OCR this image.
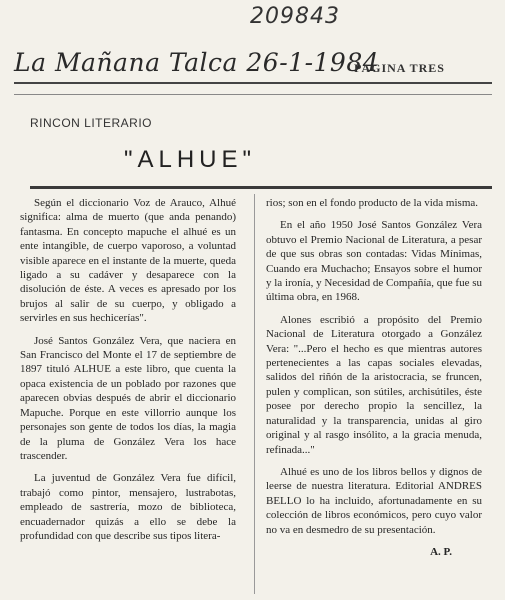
209843
La Mañana Talca 26-1-1984
PAGINA TRES
RINCON LITERARIO
"ALHUE"

Según el diccionario Voz de Arauco, Alhué significa: alma de muerto (que anda penando) fantasma. En concepto mapuche el alhué es un ente intangible, de cuerpo vaporoso, a voluntad visible aparece en el instante de la muerte, queda ligado a su cadáver y desaparece con la disolución de éste. A veces es apresado por los brujos al salir de su cuerpo, y obligado a servirles en sus hechicerías".

José Santos González Vera, que naciera en San Francisco del Monte el 17 de septiembre de 1897 tituló ALHUE a este libro, que cuenta la opaca existencia de un poblado por razones que aparecen obvias después de abrir el diccionario Mapuche. Porque en este villorrio aunque los personajes son gente de todos los días, la magia de la pluma de González Vera los hace trascender.

La juventud de González Vera fue difícil, trabajó como pintor, mensajero, lustrabotas, empleado de sastrería, mozo de biblioteca, encuadernador quizás a ello se debe la profundidad con que describe sus tipos litera-

rios; son en el fondo producto de la vida misma.

En el año 1950 José Santos González Vera obtuvo el Premio Nacional de Literatura, a pesar de que sus obras son contadas: Vidas Mínimas, Cuando era Muchacho; Ensayos sobre el humor y la ironía, y Necesidad de Compañía, que fue su última obra, en 1968.

Alones escribió a propósito del Premio Nacional de Literatura otorgado a González Vera: "...Pero el hecho es que mientras autores pertenecientes a las capas sociales elevadas, salidos del riñón de la aristocracia, se fruncen, pulen y complican, son sútiles, archisútiles, éste posee por derecho propio la sencillez, la naturalidad y la transparencia, unidas al giro original y al rasgo insólito, a la gracia menuda, refinada..."

Alhué es uno de los libros bellos y dignos de leerse de nuestra literatura. Editorial ANDRES BELLO lo ha incluido, afortunadamente en su colección de libros económicos, pero cuyo valor no va en desmedro de su presentación.

A. P.
